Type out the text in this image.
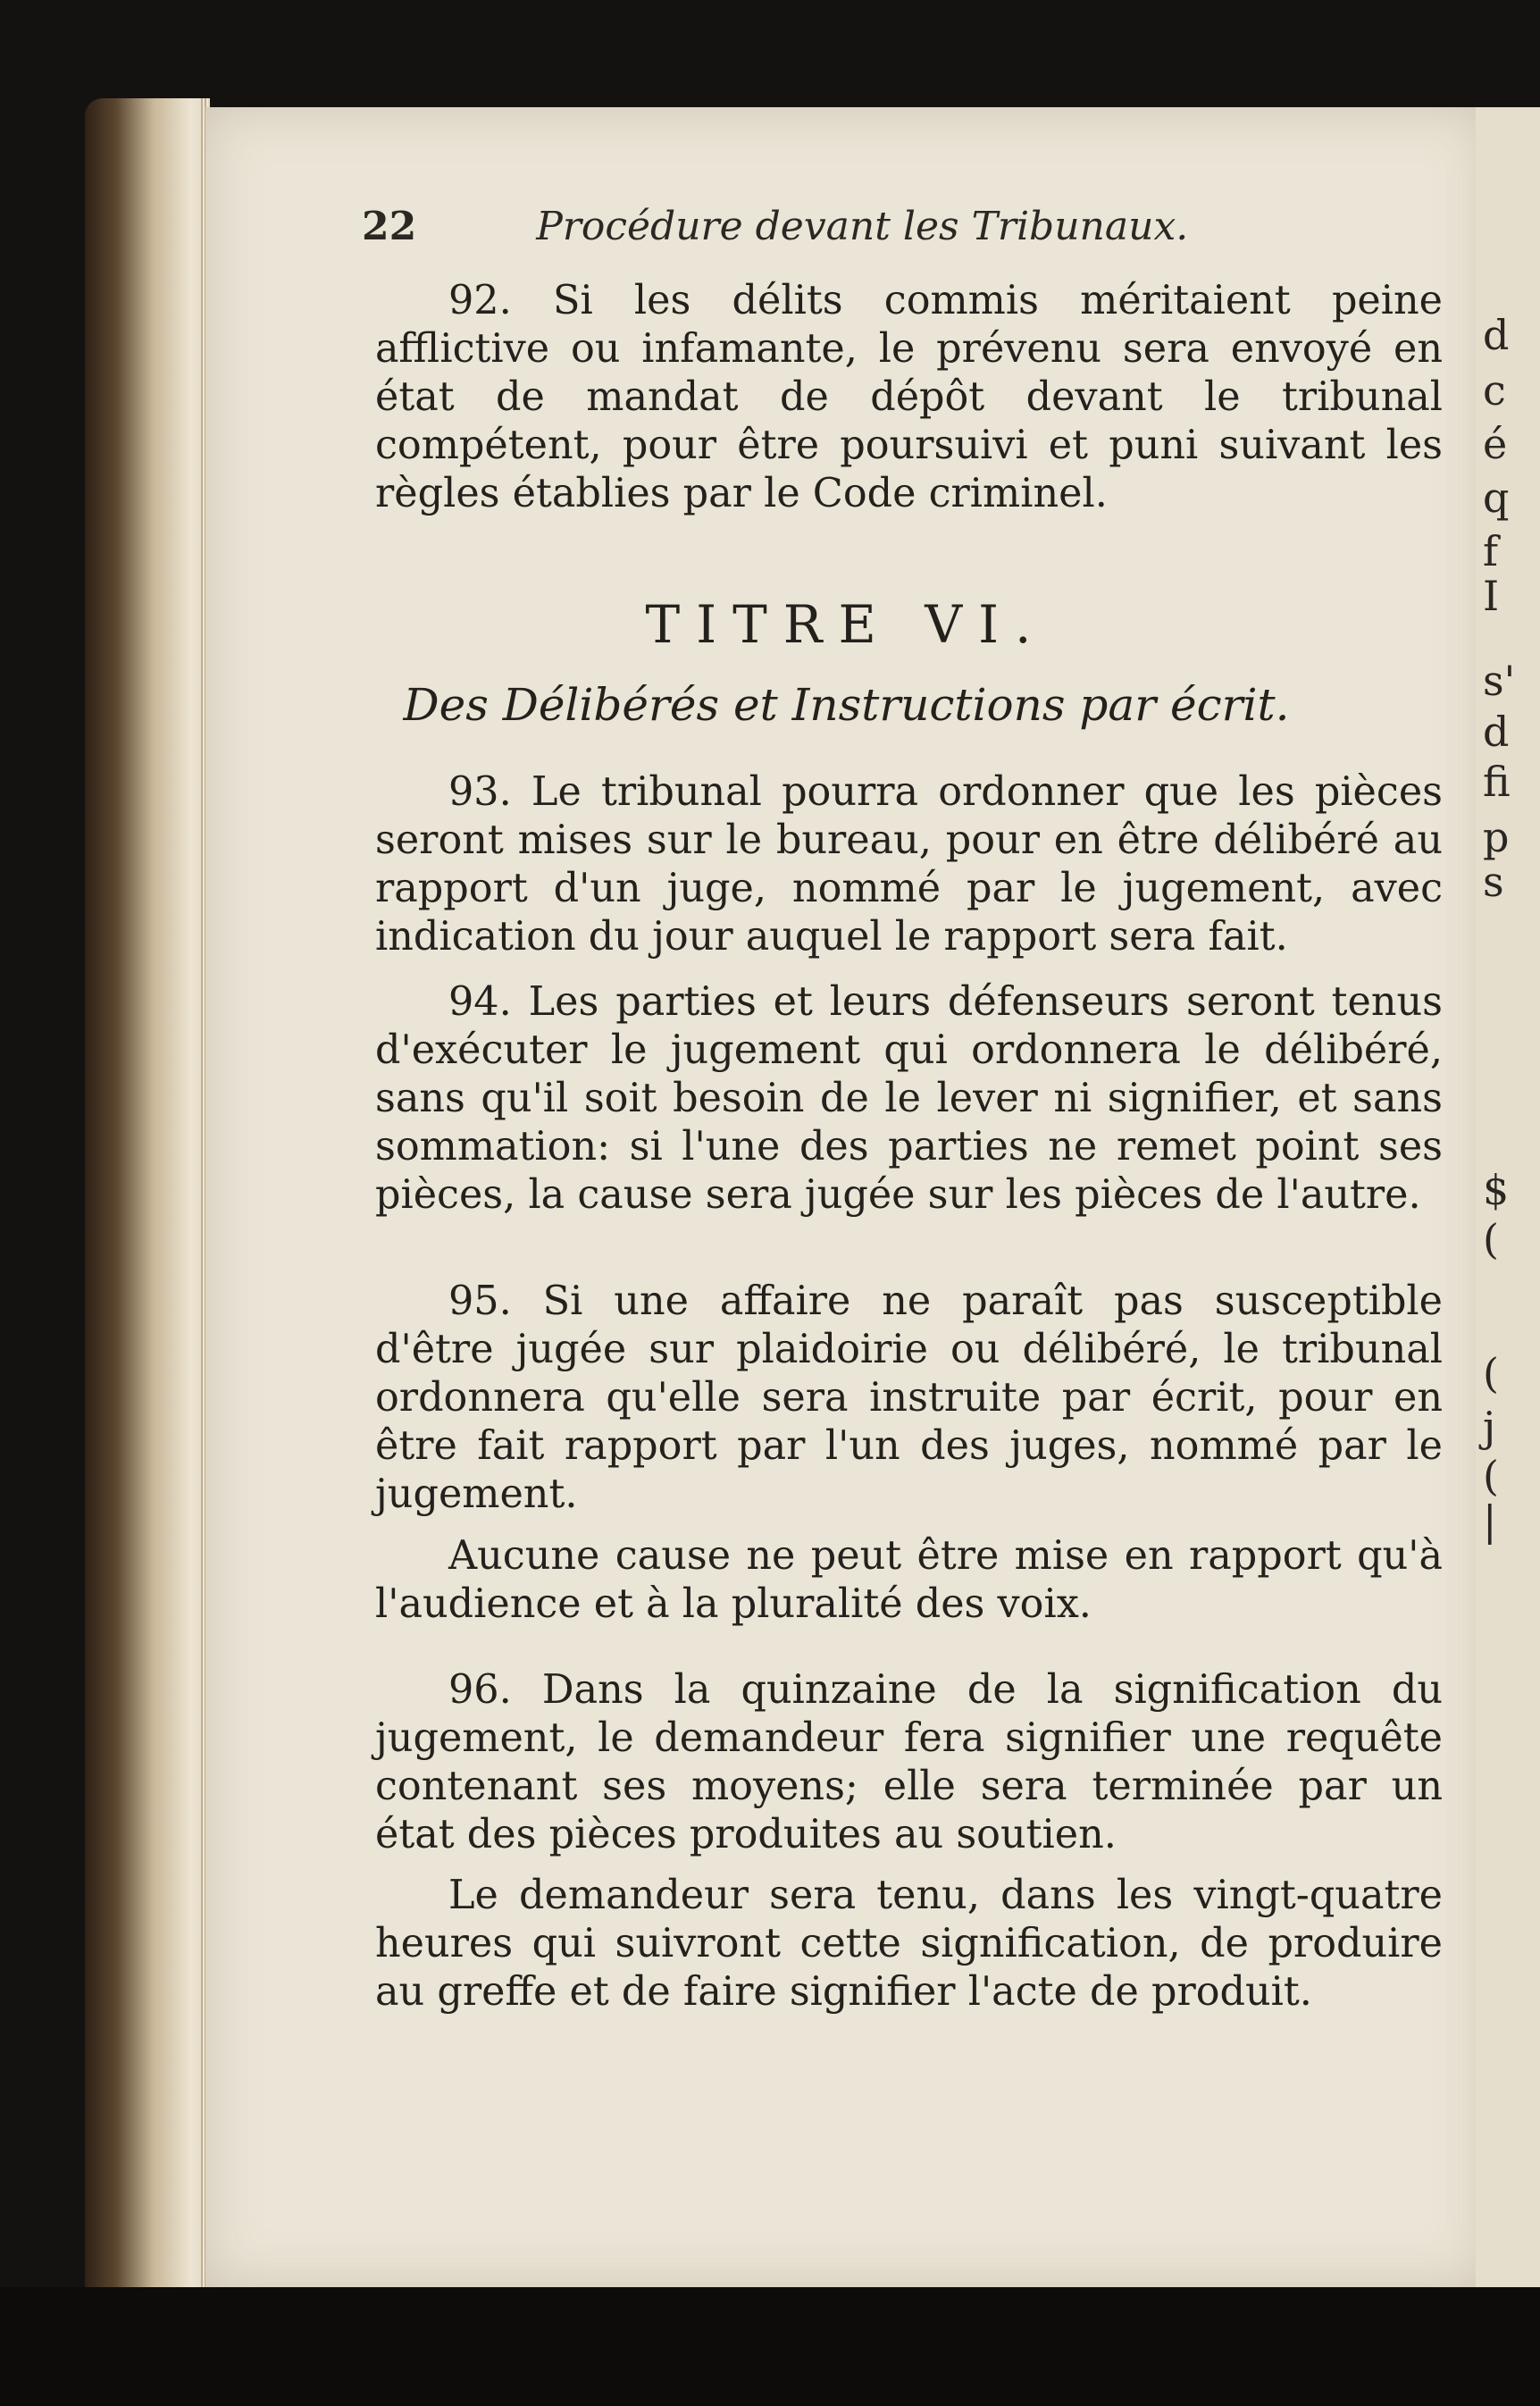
22	Procédure devant les Tribunaux.

92. Si les délits commis méritaient peine afflictive ou infamante, le prévenu sera envoyé en état de mandat de dépôt devant le tribunal compétent, pour être poursuivi et puni suivant les règles établies par le Code criminel.

TITRE VI.
Des Délibérés et Instructions par écrit.

93. Le tribunal pourra ordonner que les pièces seront mises sur le bureau, pour en être délibéré au rapport d'un juge, nommé par le jugement, avec indication du jour auquel le rapport sera fait.

94. Les parties et leurs défenseurs seront tenus d'exécuter le jugement qui ordonnera le délibéré, sans qu'il soit besoin de le lever ni signifier, et sans sommation: si l'une des parties ne remet point ses pièces, la cause sera jugée sur les pièces de l'autre.

95. Si une affaire ne paraît pas susceptible d'être jugée sur plaidoirie ou délibéré, le tribunal ordonnera qu'elle sera instruite par écrit, pour en être fait rapport par l'un des juges, nommé par le jugement.

Aucune cause ne peut être mise en rapport qu'à l'audience et à la pluralité des voix.

96. Dans la quinzaine de la signification du jugement, le demandeur fera signifier une requête contenant ses moyens; elle sera terminée par un état des pièces produites au soutien.

Le demandeur sera tenu, dans les vingt-quatre heures qui suivront cette signification, de produire au greffe et de faire signifier l'acte de produit.

d
c
é
q
f
I
s'
d
fi
p
s
$
(
(
j
(
|
